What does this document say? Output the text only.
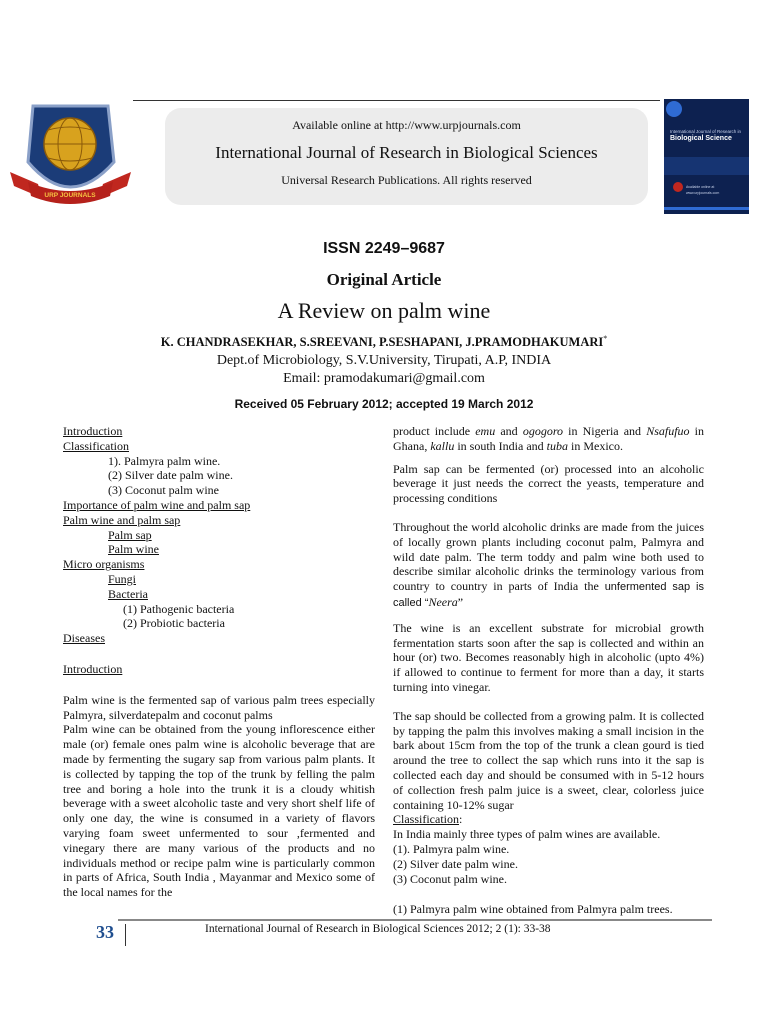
Available online at http://www.urpjournals.com
International Journal of Research in Biological Sciences
Universal Research Publications. All rights reserved
URP JOURNALS
International Journal of Research in
Biological Science
Available online at
www.urpjournals.com
ISSN 2249–9687
Original Article
A Review on palm wine
K. CHANDRASEKHAR, S.SREEVANI, P.SESHAPANI, J.PRAMODHAKUMARI*
Dept.of Microbiology, S.V.University, Tirupati, A.P, INDIA
Email: pramodakumari@gmail.com
Received 05 February 2012; accepted 19 March 2012
Introduction
Classification
1). Palmyra palm wine.
(2) Silver date palm wine.
(3) Coconut palm wine
Importance of palm wine and palm sap
Palm wine and palm sap
Palm sap
Palm wine
Micro organisms
Fungi
Bacteria
(1) Pathogenic bacteria
(2) Probiotic bacteria
Diseases
Introduction

Palm wine is the fermented sap of various palm trees especially Palmyra, silverdatepalm and coconut palms

Palm wine can be obtained from the young inflorescence either male (or) female ones palm wine is alcoholic beverage that are made by fermenting the sugary sap from various palm plants. It is collected by tapping the top of the trunk by felling the palm tree and boring a hole into the trunk it is a cloudy whitish beverage with a sweet alcoholic taste and very short shelf life of only one day, the wine is consumed in a variety of flavors varying foam sweet unfermented to sour ,fermented and vinegary there are many various of the products and no individuals method or recipe palm wine is particularly common in parts of Africa, South India , Mayanmar and Mexico some of the local names for the

product include emu and ogogoro in Nigeria and Nsafufuo in Ghana, kallu in south India and tuba in Mexico.

Palm sap can be fermented (or) processed into an alcoholic beverage it just needs the correct the yeasts, temperature and processing conditions

Throughout the world alcoholic drinks are made from the juices of locally grown plants including coconut palm, Palmyra and wild date palm. The term toddy and palm wine both used to describe similar alcoholic drinks the terminology various from country to country in parts of India the unfermented sap is called “Neera”

The wine is an excellent substrate for microbial growth fermentation starts soon after the sap is collected and within an hour (or) two. Becomes reasonably high in alcoholic (upto 4%) if allowed to continue to ferment for more than a day, it starts turning into vinegar.

The sap should be collected from a growing palm. It is collected by tapping the palm this involves making a small incision in the bark about 15cm from the top of the trunk a clean gourd is tied around the tree to collect the sap which runs into it the sap is collected each day and should be consumed with in 5-12 hours of collection fresh palm juice is a sweet, clear, colorless juice containing 10-12% sugar

Classification:
In India mainly three types of palm wines are available.
(1). Palmyra palm wine.
(2) Silver date palm wine.
(3) Coconut palm wine.

(1) Palmyra palm wine obtained from Palmyra palm trees.

33	International Journal of Research in Biological Sciences 2012; 2 (1): 33-38
